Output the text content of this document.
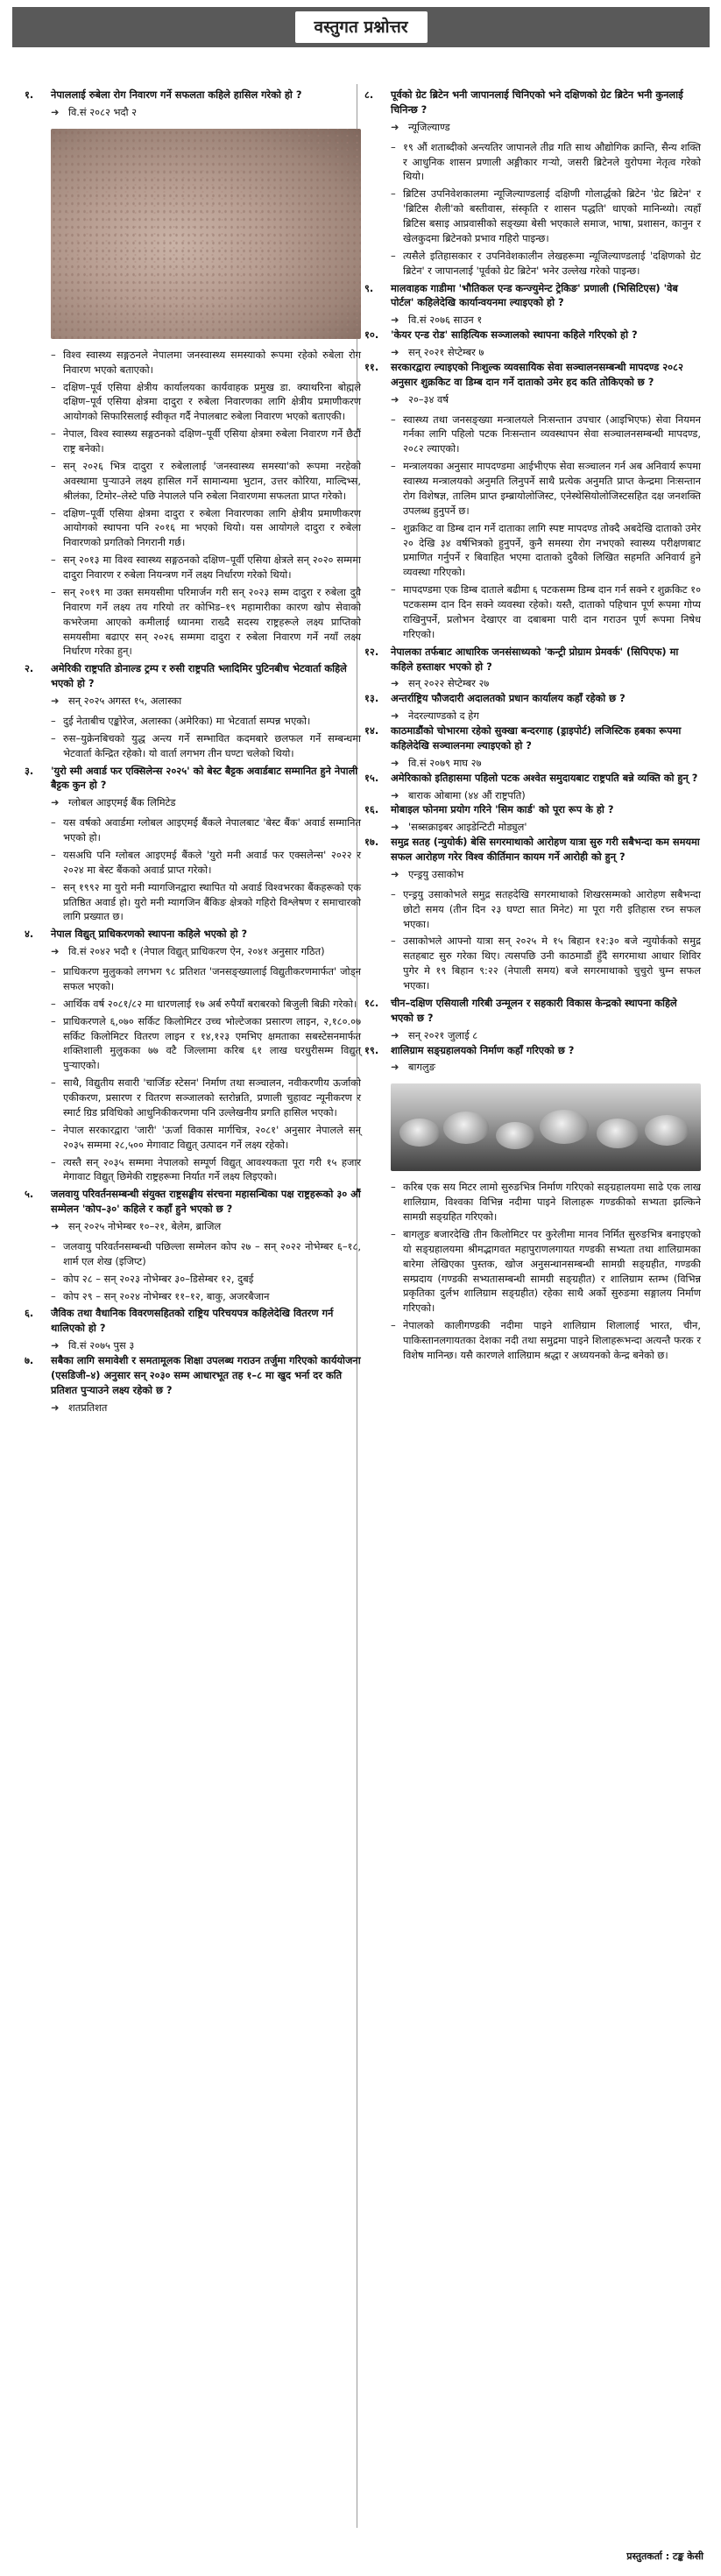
वस्तुगत प्रश्नोत्तर
१.	नेपाललाई रुबेला रोग निवारण गर्ने सफलता कहिले हासिल गरेको हो ?
➜ वि.सं २०८२ भदौ २
– विश्व स्वास्थ्य सङ्गठनले नेपालमा जनस्वास्थ्य समस्याको रूपमा रहेको रुबेला रोग निवारण भएको बताएको।
– दक्षिण–पूर्व एसिया क्षेत्रीय कार्यालयका कार्यवाहक प्रमुख डा. क्याथरिना बोह्मले दक्षिण–पूर्व एसिया क्षेत्रमा दादुरा र रुबेला निवारणका लागि क्षेत्रीय प्रमाणीकरण आयोगको सिफारिसलाई स्वीकृत गर्दै नेपालबाट रुबेला निवारण भएको बताएकी।
– नेपाल, विश्व स्वास्थ्य सङ्गठनको दक्षिण–पूर्वी एसिया क्षेत्रमा रुबेला निवारण गर्ने छैटौं राष्ट्र बनेको।
– सन् २०२६ भित्र दादुरा र रुबेलालाई 'जनस्वास्थ्य समस्या'को रूपमा नरहेको अवस्थामा पुऱ्याउने लक्ष्य हासिल गर्ने सामान्यमा भुटान, उत्तर कोरिया, माल्दिभ्स, श्रीलंका, टिमोर–लेस्टे पछि नेपालले पनि रुबेला निवारणमा सफलता प्राप्त गरेको।
– दक्षिण–पूर्वी एसिया क्षेत्रमा दादुरा र रुबेला निवारणका लागि क्षेत्रीय प्रमाणीकरण आयोगको स्थापना पनि २०१६ मा भएको थियो। यस आयोगले दादुरा र रुबेला निवारणको प्रगतिको निगरानी गर्छ।
– सन् २०१३ मा विश्व स्वास्थ्य सङ्गठनको दक्षिण–पूर्वी एसिया क्षेत्रले सन् २०२० सम्ममा दादुरा निवारण र रुबेला नियन्त्रण गर्ने लक्ष्य निर्धारण गरेको थियो।
– सन् २०१९ मा उक्त समयसीमा परिमार्जन गरी सन् २०२३ सम्म दादुरा र रुबेला दुवै निवारण गर्ने लक्ष्य तय गरियो तर कोभिड–१९ महामारीका कारण खोप सेवाको कभरेजमा आएको कमीलाई ध्यानमा राख्दै सदस्य राष्ट्रहरूले लक्ष्य प्राप्तिको समयसीमा बढाएर सन् २०२६ सम्ममा दादुरा र रुबेला निवारण गर्ने नयाँ लक्ष्य निर्धारण गरेका हुन्।
२.	अमेरिकी राष्ट्रपति डोनाल्ड ट्रम्प र रुसी राष्ट्रपति भ्लादिमिर पुटिनबीच भेटवार्ता कहिले भएको हो ?
➜ सन् २०२५ अगस्त १५, अलास्का
– दुई नेताबीच एङ्कोरेज, अलास्का (अमेरिका) मा भेटवार्ता सम्पन्न भएको।
– रुस–युक्रेनबिचको युद्ध अन्त्य गर्ने सम्भावित कदमबारे छलफल गर्ने सम्बन्धमा भेटवार्ता केन्द्रित रहेको। यो वार्ता लगभग तीन घण्टा चलेको थियो।
३.	'युरो स्मी अवार्ड फर एक्सिलेन्स २०२५' को बेस्ट बैट्टक अवार्डबाट सम्मानित हुने नेपाली बैट्टक कुन हो ?
➜ ग्लोबल आइएमई बैंक लिमिटेड
– यस वर्षको अवार्डमा ग्लोबल आइएमई बैंकले नेपालबाट 'बेस्ट बैंक' अवार्ड सम्मानित भएको हो।
– यसअघि पनि ग्लोबल आइएमई बैंकले 'युरो मनी अवार्ड फर एक्सलेन्स' २०२२ र २०२४ मा बेस्ट बैंकको अवार्ड प्राप्त गरेको।
– सन् १९९२ मा युरो मनी म्यागजिनद्वारा स्थापित यो अवार्ड विश्वभरका बैंकहरूको एक प्रतिष्ठित अवार्ड हो। युरो मनी म्यागजिन बैंकिङ क्षेत्रको गहिरो विश्लेषण र समाचारको लागि प्रख्यात छ।
४.	नेपाल विद्युत् प्राधिकरणको स्थापना कहिले भएको हो ?
➜ वि.सं २०४२ भदौ १ (नेपाल विद्युत् प्राधिकरण ऐन, २०४१ अनुसार गठित)
– प्राधिकरण मुलुकको लगभग ९८ प्रतिशत 'जनसङ्ख्यालाई विद्युतीकरणमार्फत' जोड्न सफल भएको।
– आर्थिक वर्ष २०८१/८२ मा धारणलाई १७ अर्ब रुपैयाँ बराबरको बिजुली बिक्री गरेको।
– प्राधिकरणले ६,०७० सर्किट किलोमिटर उच्च भोल्टेजका प्रसारण लाइन, २,१८०.०७ सर्किट किलोमिटर वितरण लाइन र १४,१२३ एमभिए क्षमताका सबस्टेसनमार्फत शक्तिशाली मुलुकका ७७ वटै जिल्लामा करिब ६१ लाख घरधुरीसम्म विद्युत् पुऱ्याएको।
– साथै, विद्युतीय सवारी 'चार्जिङ स्टेसन' निर्माण तथा सञ्चालन, नवीकरणीय ऊर्जाको एकीकरण, प्रसारण र वितरण सञ्जालको स्तरोन्नति, प्रणाली चुहावट न्यूनीकरण र स्मार्ट ग्रिड प्रविधिको आधुनिकीकरणमा पनि उल्लेखनीय प्रगति हासिल भएको।
– नेपाल सरकारद्वारा 'जारी' 'ऊर्जा विकास मार्गचित्र, २०८१' अनुसार नेपालले सन् २०३५ सम्ममा २८,५०० मेगावाट विद्युत् उत्पादन गर्ने लक्ष्य रहेको।
– त्यस्तै सन् २०३५ सम्ममा नेपालको सम्पूर्ण विद्युत् आवश्यकता पूरा गरी १५ हजार मेगावाट विद्युत् छिमेकी राष्ट्रहरूमा निर्यात गर्ने लक्ष्य लिइएको।
५.	जलवायु परिवर्तनसम्बन्धी संयुक्त राष्ट्रसङ्घीय संरचना महासन्धिका पक्ष राष्ट्रहरूको ३० औं सम्मेलन 'कोप–३०' कहिले र कहाँ हुने भएको छ ?
➜ सन् २०२५ नोभेम्बर १०–२१, बेलेम, ब्राजिल
– जलवायु परिवर्तनसम्बन्धी पछिल्ला सम्मेलन कोप २७ – सन् २०२२ नोभेम्बर ६–१८, शार्म एल शेख (इजिप्ट)
– कोप २८ – सन् २०२३ नोभेम्बर ३०–डिसेम्बर १२, दुबई
– कोप २९ – सन् २०२४ नोभेम्बर ११–१२, बाकु, अजरबैजान
६.	जैविक तथा वैधानिक विवरणसहितको राष्ट्रिय परिचयपत्र कहिलेदेखि वितरण गर्न थालिएको हो ?
➜ वि.सं २०७५ पुस ३
७.	सबैका लागि समावेशी र समतामूलक शिक्षा उपलब्ध गराउन तर्जुमा गरिएको कार्ययोजना (एसडिजी–४) अनुसार सन् २०३० सम्म आधारभूत तह १–८ मा खुद भर्ना दर कति प्रतिशत पुऱ्याउने लक्ष्य रहेको छ ?
➜ शतप्रतिशत
८.	पूर्वको ग्रेट ब्रिटेन भनी जापानलाई चिनिएको भने दक्षिणको ग्रेट ब्रिटेन भनी कुनलाई चिनिन्छ ?
➜ न्यूजिल्याण्ड
– १९ औं शताब्दीको अन्त्यतिर जापानले तीव्र गति साथ औद्योगिक क्रान्ति, सैन्य शक्ति र आधुनिक शासन प्रणाली अङ्गीकार गऱ्यो, जसरी ब्रिटेनले युरोपमा नेतृत्व गरेको थियो।
– ब्रिटिस उपनिवेशकालमा न्यूजिल्याण्डलाई दक्षिणी गोलार्द्धको ब्रिटेन 'ग्रेट ब्रिटेन' र 'ब्रिटिस शैली'को बस्तीवास, संस्कृति र शासन पद्धति' धाएको मानिन्थ्यो। त्यहाँ ब्रिटिस बसाइ आप्रवासीको सङ्ख्या बेसी भएकाले समाज, भाषा, प्रशासन, कानुन र खेलकुदमा ब्रिटेनको प्रभाव गहिरो पाइन्छ।
– त्यसैले इतिहासकार र उपनिवेशकालीन लेखहरूमा न्यूजिल्याण्डलाई 'दक्षिणको ग्रेट ब्रिटेन' र जापानलाई 'पूर्वको ग्रेट ब्रिटेन' भनेर उल्लेख गरेको पाइन्छ।
९.	मालवाहक गाडीमा 'भौतिकल एन्ड कन्ज्युमेन्ट ट्रेकिङ' प्रणाली (भिसिटिएस) 'वेब पोर्टल' कहिलेदेखि कार्यान्वयनमा ल्याइएको हो ?
➜ वि.सं २०७६ साउन १
१०.	'केयर एन्ड रोड' साहित्यिक सञ्जालको स्थापना कहिले गरिएको हो ?
➜ सन् २०२१ सेप्टेम्बर ७
११.	सरकारद्वारा ल्याइएको निःशुल्क व्यवसायिक सेवा सञ्चालनसम्बन्धी मापदण्ड २०८२ अनुसार शुक्रकिट वा डिम्ब दान गर्ने दाताको उमेर हद कति तोकिएको छ ?
➜ २०–३४ वर्ष
– स्वास्थ्य तथा जनसङ्ख्या मन्त्रालयले निःसन्तान उपचार (आइभिएफ) सेवा नियमन गर्नका लागि पहिलो पटक निःसन्तान व्यवस्थापन सेवा सञ्चालनसम्बन्धी मापदण्ड, २०८२ ल्याएको।
– मन्त्रालयका अनुसार मापदण्डमा आईभीएफ सेवा सञ्चालन गर्न अब अनिवार्य रूपमा स्वास्थ्य मन्त्रालयको अनुमति लिनुपर्ने साथै प्रत्येक अनुमति प्राप्त केन्द्रमा निःसन्तान रोग विशेषज्ञ, तालिम प्राप्त इम्ब्रायोलोजिस्ट, एनेस्थेसियोलोजिस्टसहित दक्ष जनशक्ति उपलब्ध हुनुपर्ने छ।
– शुक्रकिट वा डिम्ब दान गर्ने दाताका लागि स्पष्ट मापदण्ड तोक्दै अबदेखि दाताको उमेर २० देखि ३४ वर्षभित्रको हुनुपर्ने, कुनै समस्या रोग नभएको स्वास्थ्य परीक्षणबाट प्रमाणित गर्नुपर्ने र बिवाहित भएमा दाताको दुवैको लिखित सहमति अनिवार्य हुने व्यवस्था गरिएको।
– मापदण्डमा एक डिम्ब दाताले बढीमा ६ पटकसम्म डिम्ब दान गर्न सक्ने र शुक्रकिट १० पटकसम्म दान दिन सक्ने व्यवस्था रहेको। यस्तै, दाताको पहिचान पूर्ण रूपमा गोप्य राखिनुपर्ने, प्रलोभन देखाएर वा दबाबमा पारी दान गराउन पूर्ण रूपमा निषेध गरिएको।
१२.	नेपालका तर्फबाट आधारिक जनसंसाध्यको 'कन्ट्री प्रोग्राम प्रेमवर्क' (सिपिएफ) मा कहिले हस्ताक्षर भएको हो ?
➜ सन् २०२२ सेप्टेम्बर २७
१३.	अन्तर्राष्ट्रिय फौजदारी अदालतको प्रधान कार्यालय कहाँ रहेको छ ?
➜ नेदरल्याण्डको द हेग
१४.	काठमाडौंको चोभारमा रहेको सुक्खा बन्दरगाह (ड्राइपोर्ट) लजिस्टिक हबका रूपमा कहिलेदेखि सञ्चालनमा ल्याइएको हो ?
➜ वि.सं २०७९ माघ २७
१५.	अमेरिकाको इतिहासमा पहिलो पटक अश्वेत समुदायबाट राष्ट्रपति बन्ने व्यक्ति को हुन् ?
➜ बाराक ओबामा (४४ औं राष्ट्रपति)
१६.	मोबाइल फोनमा प्रयोग गरिने 'सिम कार्ड' को पूरा रूप के हो ?
➜ 'सब्सक्राइबर आइडेन्टिटी मोड्युल'
१७.	समुद्र सतह (न्युयोर्क) बेसि सगरमाथाको आरोहण यात्रा सुरु गरी सबैभन्दा कम समयमा सफल आरोहण गरेर विश्व कीर्तिमान कायम गर्ने आरोही को हुन् ?
➜ एन्ड्रयु उसाकोभ
– एन्ड्रयु उसाकोभले समुद्र सतहदेखि सगरमाथाको शिखरसम्मको आरोहण सबैभन्दा छोटो समय (तीन दिन २३ घण्टा सात मिनेट) मा पूरा गरी इतिहास रच्न सफल भएका।
– उसाकोभले आफ्नो यात्रा सन् २०२५ मे १५ बिहान १२:३० बजे न्युयोर्कको समुद्र सतहबाट सुरु गरेका थिए। त्यसपछि उनी काठमाडौं हुँदै सगरमाथा आधार शिविर पुगेर मे १९ बिहान ९:२२ (नेपाली समय) बजे सगरमाथाको चुचुरो चुम्न सफल भएका।
१८.	चीन–दक्षिण एसियाली गरिबी उन्मूलन र सहकारी विकास केन्द्रको स्थापना कहिले भएको छ ?
➜ सन् २०२१ जुलाई ८
१९.	शालिग्राम सङ्ग्रहालयको निर्माण कहाँ गरिएको छ ?
➜ बागलुङ
– करिब एक सय मिटर लामो सुरुङभित्र निर्माण गरिएको सङ्ग्रहालयमा साढे एक लाख शालिग्राम, विश्वका विभिन्न नदीमा पाइने शिलाहरू गण्डकीको सभ्यता झल्किने सामग्री सङ्ग्रहित गरिएको।
– बागलुङ बजारदेखि तीन किलोमिटर पर कुरेलीमा मानव निर्मित सुरुङभित्र बनाइएको यो सङ्ग्रहालयमा श्रीमद्भागवत महापुराणलगायत गण्डकी सभ्यता तथा शालिग्रामका बारेमा लेखिएका पुस्तक, खोज अनुसन्धानसम्बन्धी सामग्री सङ्ग्रहीत, गण्डकी सम्प्रदाय (गण्डकी सभ्यतासम्बन्धी सामग्री सङ्ग्रहीत) र शालिग्राम स्तम्भ (विभिन्न प्रकृतिका दुर्लभ शालिग्राम सङ्ग्रहीत) रहेका साथै अर्को सुरुङमा सङ्गालय निर्माण गरिएको।
– नेपालको कालीगण्डकी नदीमा पाइने शालिग्राम शिलालाई भारत, चीन, पाकिस्तानलगायतका देशका नदी तथा समुद्रमा पाइने शिलाहरूभन्दा अत्यन्तै फरक र विशेष मानिन्छ। यसै कारणले शालिग्राम श्रद्धा र अध्ययनको केन्द्र बनेको छ।
प्रस्तुतकर्ता : टङ्क केसी
